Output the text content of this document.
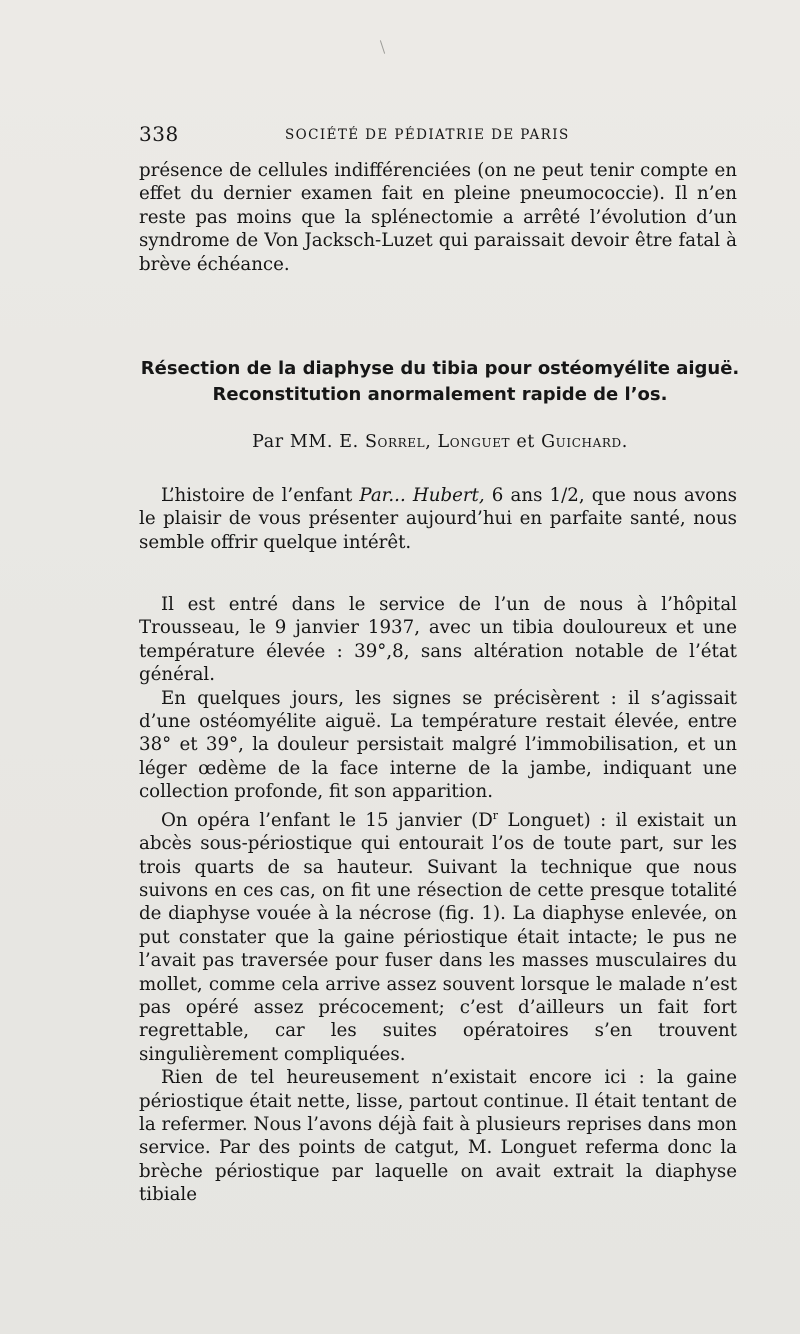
338	SOCIÉTÉ DE PÉDIATRIE DE PARIS

présence de cellules indifférenciées (on ne peut tenir compte en effet du dernier examen fait en pleine pneumococcie). Il n’en reste pas moins que la splénectomie a arrêté l’évolution d’un syndrome de Von Jacksch-Luzet qui paraissait devoir être fatal à brève échéance.

Résection de la diaphyse du tibia pour ostéomyélite aiguë.
Reconstitution anormalement rapide de l’os.
Par MM. E. Sorrel, Longuet et Guichard.

L’histoire de l’enfant Par... Hubert, 6 ans 1/2, que nous avons le plaisir de vous présenter aujourd’hui en parfaite santé, nous semble offrir quelque intérêt.

Il est entré dans le service de l’un de nous à l’hôpital Trousseau, le 9 janvier 1937, avec un tibia douloureux et une température élevée : 39°,8, sans altération notable de l’état général.

En quelques jours, les signes se précisèrent : il s’agissait d’une ostéomyélite aiguë. La température restait élevée, entre 38° et 39°, la douleur persistait malgré l’immobilisation, et un léger œdème de la face interne de la jambe, indiquant une collection profonde, fit son apparition.

On opéra l’enfant le 15 janvier ($D^r$ Longuet) : il existait un abcès sous-périostique qui entourait l’os de toute part, sur les trois quarts de sa hauteur. Suivant la technique que nous suivons en ces cas, on fit une résection de cette presque totalité de diaphyse vouée à la nécrose (fig. 1). La diaphyse enlevée, on put constater que la gaine périostique était intacte; le pus ne l’avait pas traversée pour fuser dans les masses musculaires du mollet, comme cela arrive assez souvent lorsque le malade n’est pas opéré assez précocement; c’est d’ailleurs un fait fort regrettable, car les suites opératoires s’en trouvent singulièrement compliquées.

Rien de tel heureusement n’existait encore ici : la gaine périostique était nette, lisse, partout continue. Il était tentant de la refermer. Nous l’avons déjà fait à plusieurs reprises dans mon service. Par des points de catgut, M. Longuet referma donc la brèche périostique par laquelle on avait extrait la diaphyse tibiale
